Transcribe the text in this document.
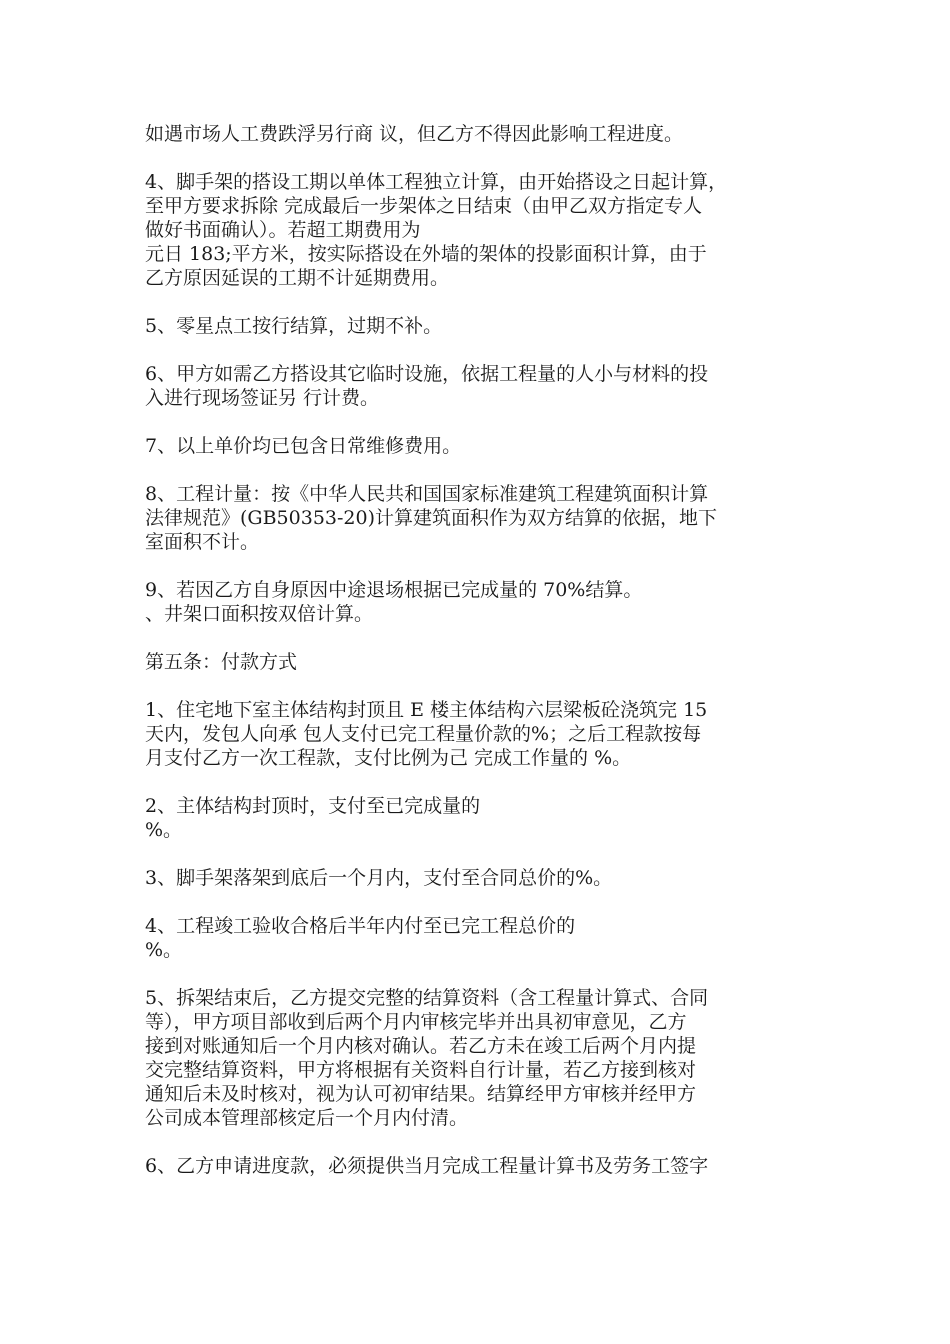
如遇市场人工费跌浮另行商 议，但乙方不得因此影响工程进度。

4、脚手架的搭设工期以单体工程独立计算，由开始搭设之日起计算，
至甲方要求拆除 完成最后一步架体之日结束（由甲乙双方指定专人
做好书面确认）。若超工期费用为
元日 183;平方米，按实际搭设在外墙的架体的投影面积计算，由于
乙方原因延误的工期不计延期费用。

5、零星点工按行结算，过期不补。

6、甲方如需乙方搭设其它临时设施，依据工程量的人小与材料的投
入进行现场签证另 行计费。

7、以上单价均已包含日常维修费用。

8、工程计量：按《中华人民共和国国家标准建筑工程建筑面积计算
法律规范》(GB50353-20)计算建筑面积作为双方结算的依据，地下
室面积不计。

9、若因乙方自身原因中途退场根据已完成量的 70%结算。
、井架口面积按双倍计算。

第五条：付款方式

1、住宅地下室主体结构封顶且 E 楼主体结构六层梁板砼浇筑完 15
天内，发包人向承 包人支付已完工程量价款的%；之后工程款按每
月支付乙方一次工程款，支付比例为己 完成工作量的 %。

2、主体结构封顶时，支付至已完成量的
%。

3、脚手架落架到底后一个月内，支付至合同总价的%。

4、工程竣工验收合格后半年内付至已完工程总价的
%。

5、拆架结束后，乙方提交完整的结算资料（含工程量计算式、合同
等），甲方项目部收到后两个月内审核完毕并出具初审意见，乙方
接到对账通知后一个月内核对确认。若乙方未在竣工后两个月内提
交完整结算资料，甲方将根据有关资料自行计量，若乙方接到核对
通知后未及时核对，视为认可初审结果。结算经甲方审核并经甲方
公司成本管理部核定后一个月内付清。

6、乙方申请进度款，必须提供当月完成工程量计算书及劳务工签字
